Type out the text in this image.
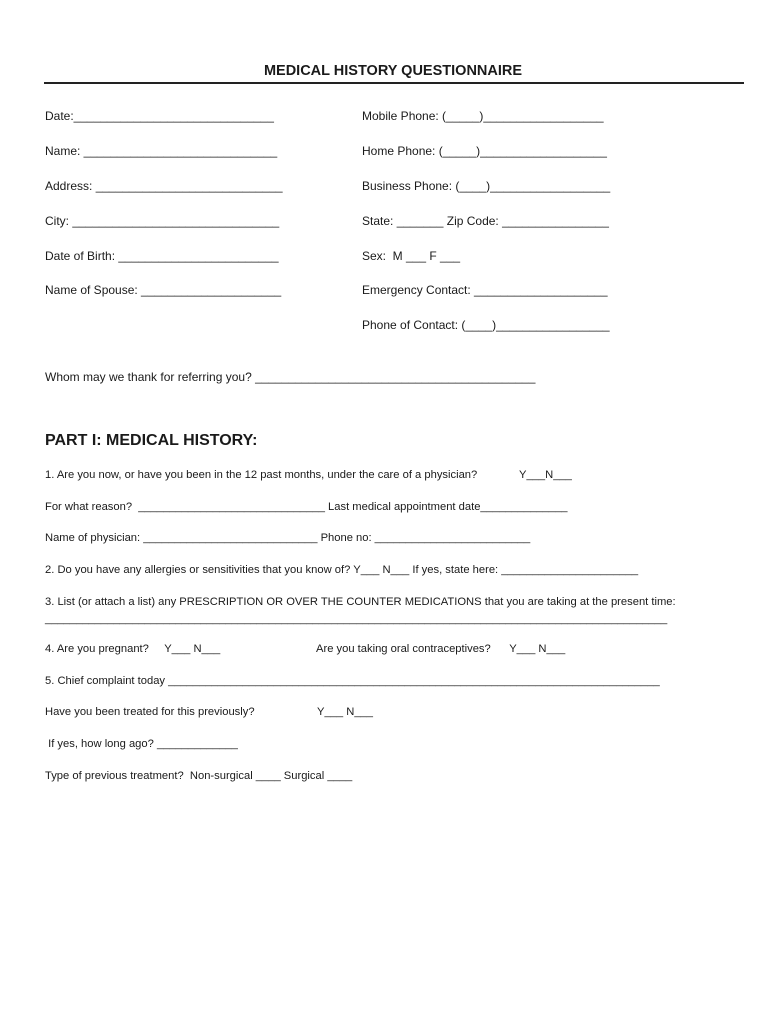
MEDICAL HISTORY QUESTIONNAIRE
Date:______________________________
Name: _____________________________
Address: ____________________________
City: _______________________________
Date of Birth: ________________________
Name of Spouse: _____________________
Mobile Phone: (_____)__________________
Home Phone: (_____)___________________
Business Phone: (____)__________________
State: _______ Zip Code: ________________
Sex:  M ___ F ___
Emergency Contact: ____________________
Phone of Contact: (____)_________________
Whom may we thank for referring you? __________________________________________
PART I: MEDICAL HISTORY:
1. Are you now, or have you been in the 12 past months, under the care of a physician?	Y___N___
For what reason?  ______________________________ Last medical appointment date______________
Name of physician: ____________________________ Phone no: _________________________
2. Do you have any allergies or sensitivities that you know of? Y___ N___ If yes, state here: ______________________
3. List (or attach a list) any PRESCRIPTION OR OVER THE COUNTER MEDICATIONS that you are taking at the present time:
____________________________________________________________________________________________________
4. Are you pregnant?     Y___ N___	Are you taking oral contraceptives?      Y___ N___
5. Chief complaint today _______________________________________________________________________________
Have you been treated for this previously?	Y___ N___
If yes, how long ago? _____________
Type of previous treatment?  Non-surgical ____ Surgical ____
